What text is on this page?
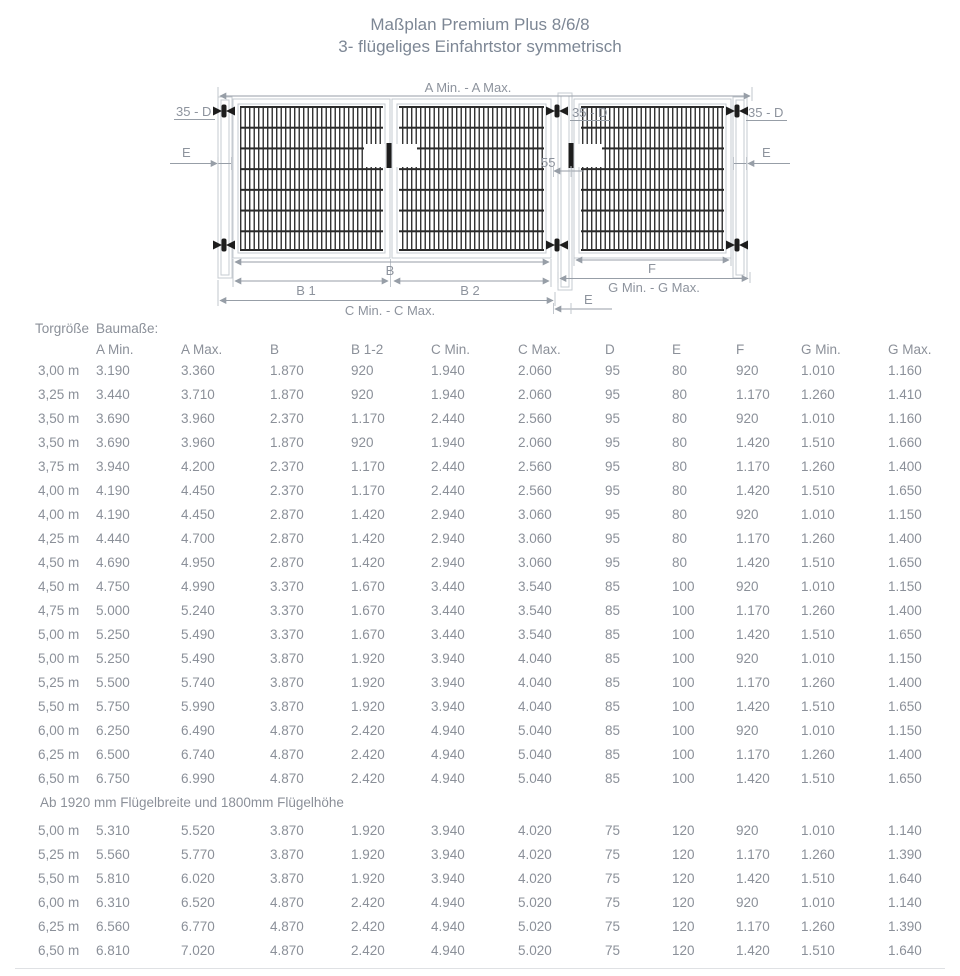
Maßplan Premium Plus 8/6/8
3- flügeliges Einfahrtstor symmetrisch
A Min. - A Max.
35 - D	35 - D	35 - D
E	E
55
B
B 1	B 2
C Min. - C Max.
F
G Min. - G Max.
E
Torgröße Baumaße:
A Min.	A Max.	B	B 1-2	C Min.	C Max.	D	E	F	G Min.	G Max.
3,00 m	3.190	3.360	1.870	920	1.940	2.060	95	80	920	1.010	1.160
3,25 m	3.440	3.710	1.870	920	1.940	2.060	95	80	1.170	1.260	1.410
3,50 m	3.690	3.960	2.370	1.170	2.440	2.560	95	80	920	1.010	1.160
3,50 m	3.690	3.960	1.870	920	1.940	2.060	95	80	1.420	1.510	1.660
3,75 m	3.940	4.200	2.370	1.170	2.440	2.560	95	80	1.170	1.260	1.400
4,00 m	4.190	4.450	2.370	1.170	2.440	2.560	95	80	1.420	1.510	1.650
4,00 m	4.190	4.450	2.870	1.420	2.940	3.060	95	80	920	1.010	1.150
4,25 m	4.440	4.700	2.870	1.420	2.940	3.060	95	80	1.170	1.260	1.400
4,50 m	4.690	4.950	2.870	1.420	2.940	3.060	95	80	1.420	1.510	1.650
4,50 m	4.750	4.990	3.370	1.670	3.440	3.540	85	100	920	1.010	1.150
4,75 m	5.000	5.240	3.370	1.670	3.440	3.540	85	100	1.170	1.260	1.400
5,00 m	5.250	5.490	3.370	1.670	3.440	3.540	85	100	1.420	1.510	1.650
5,00 m	5.250	5.490	3.870	1.920	3.940	4.040	85	100	920	1.010	1.150
5,25 m	5.500	5.740	3.870	1.920	3.940	4.040	85	100	1.170	1.260	1.400
5,50 m	5.750	5.990	3.870	1.920	3.940	4.040	85	100	1.420	1.510	1.650
6,00 m	6.250	6.490	4.870	2.420	4.940	5.040	85	100	920	1.010	1.150
6,25 m	6.500	6.740	4.870	2.420	4.940	5.040	85	100	1.170	1.260	1.400
6,50 m	6.750	6.990	4.870	2.420	4.940	5.040	85	100	1.420	1.510	1.650
Ab 1920 mm Flügelbreite und 1800mm Flügelhöhe
5,00 m	5.310	5.520	3.870	1.920	3.940	4.020	75	120	920	1.010	1.140
5,25 m	5.560	5.770	3.870	1.920	3.940	4.020	75	120	1.170	1.260	1.390
5,50 m	5.810	6.020	3.870	1.920	3.940	4.020	75	120	1.420	1.510	1.640
6,00 m	6.310	6.520	4.870	2.420	4.940	5.020	75	120	920	1.010	1.140
6,25 m	6.560	6.770	4.870	2.420	4.940	5.020	75	120	1.170	1.260	1.390
6,50 m	6.810	7.020	4.870	2.420	4.940	5.020	75	120	1.420	1.510	1.640
